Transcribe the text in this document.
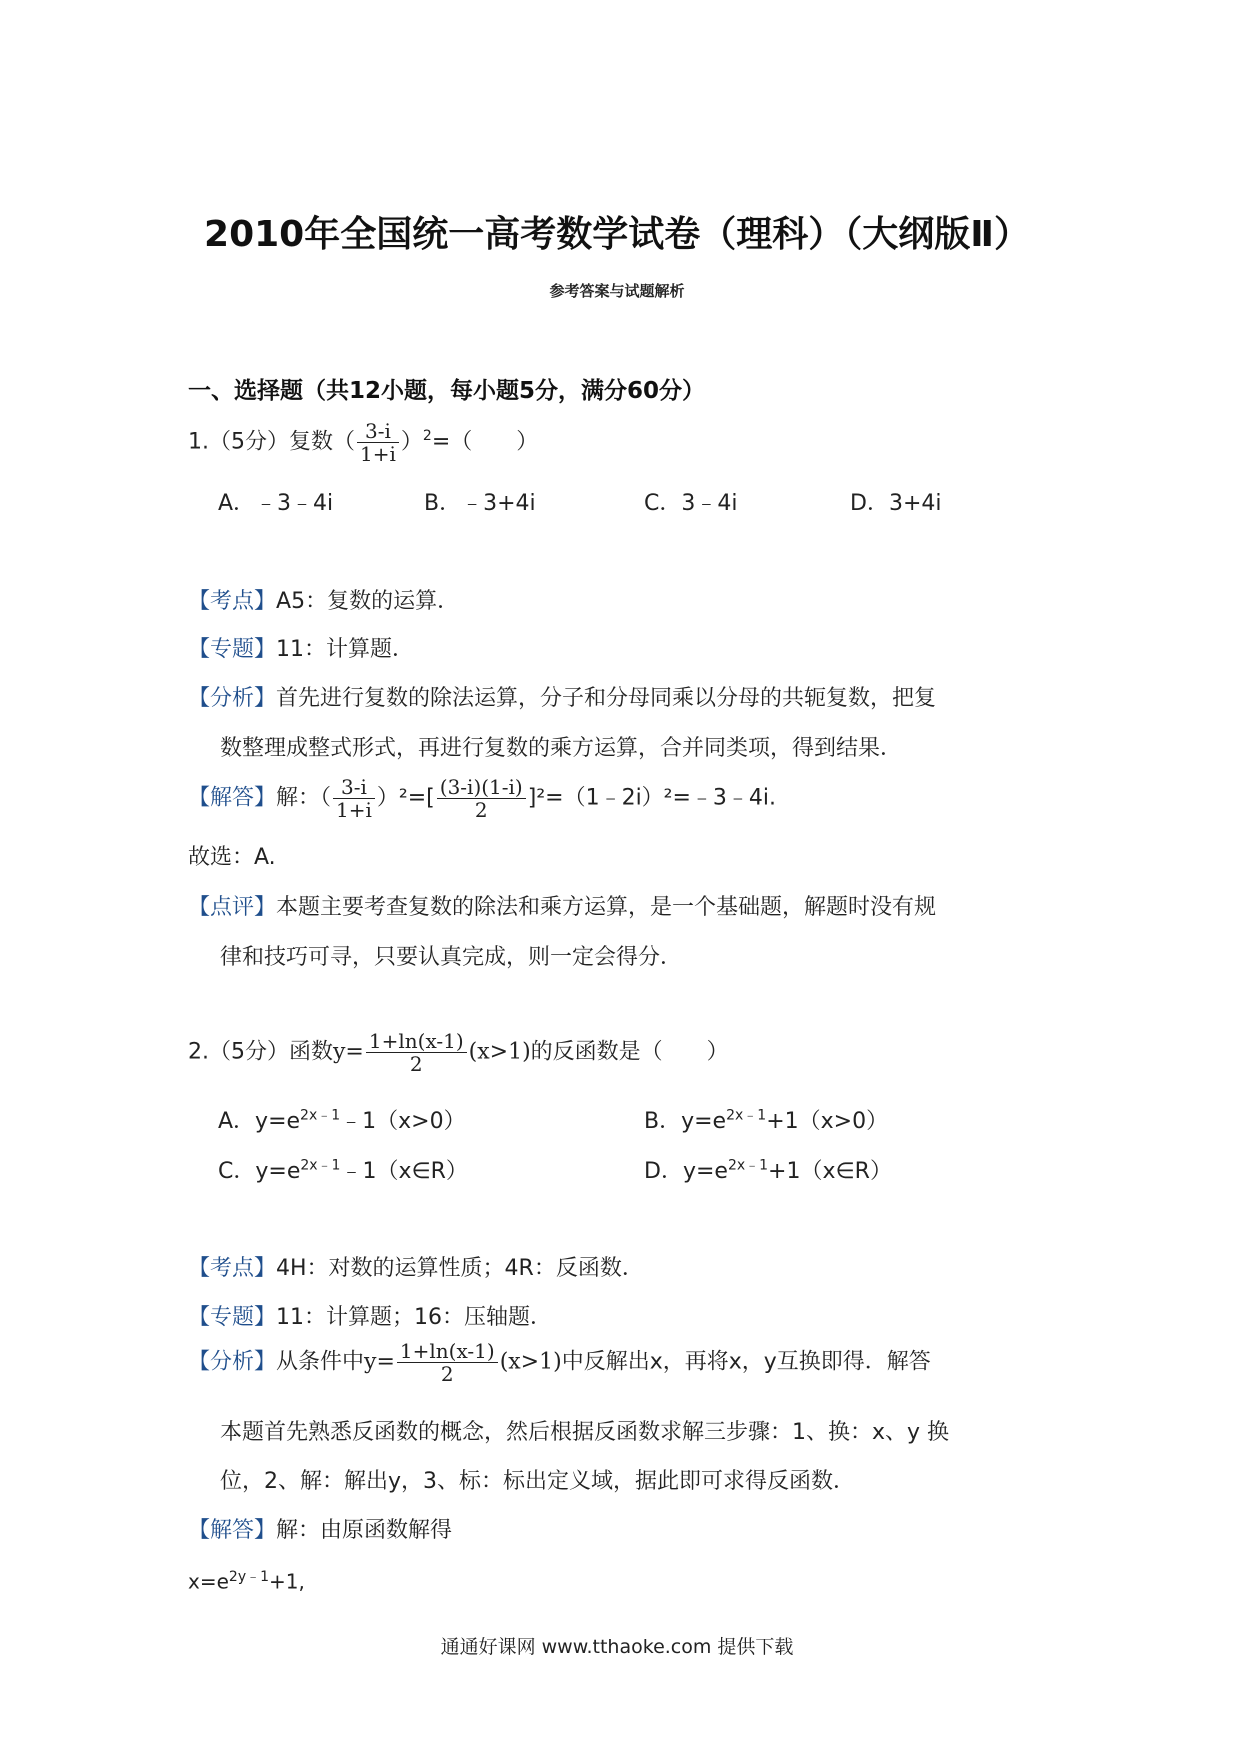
2010年全国统一高考数学试卷（理科）（大纲版Ⅱ）
参考答案与试题解析
一、选择题（共12小题，每小题5分，满分60分）
1.（5分）复数（ $\frac{3-i}{1+i} )^2=$（　　）
A．﹣3﹣4i	B．﹣3+4i	C．3﹣4i	D．3+4i
【考点】A5：复数的运算．
【专题】11：计算题．
【分析】首先进行复数的除法运算，分子和分母同乘以分母的共轭复数，把复
数整理成整式形式，再进行复数的乘方运算，合并同类项，得到结果．
【解答】解：（ $\frac{3-i}{1+i} )^2=[ \frac{(3-i)(1-i)}{2}$ ]²=（1﹣2i）²=﹣3﹣4i.
故选：A.
【点评】本题主要考查复数的除法和乘方运算，是一个基础题，解题时没有规
律和技巧可寻，只要认真完成，则一定会得分．
2.（5分）函数$y= \frac{1+\ln(x-1)}{2} (x>1)$的反函数是（　　）
A．$y=e^{2x﹣1}﹣1(x>0)$	B．$y=e^{2x﹣1}+1(x>0)$
C．$y=e^{2x﹣1}﹣1(x\in R)$	D．$y=e^{2x﹣1}+1(x\in R)$
【考点】4H：对数的运算性质；4R：反函数．
【专题】11：计算题；16：压轴题．
【分析】从条件中$y= \frac{1+\ln(x-1)}{2} (x>1)$中反解出x，再将x，y互换即得．解答
本题首先熟悉反函数的概念，然后根据反函数求解三步骤：1、换：x、y 换
位，2、解：解出y，3、标：标出定义域，据此即可求得反函数．
【解答】解：由原函数解得
$x=e^{2y﹣1}+1$,
通通好课网 www.tthaoke.com 提供下载
